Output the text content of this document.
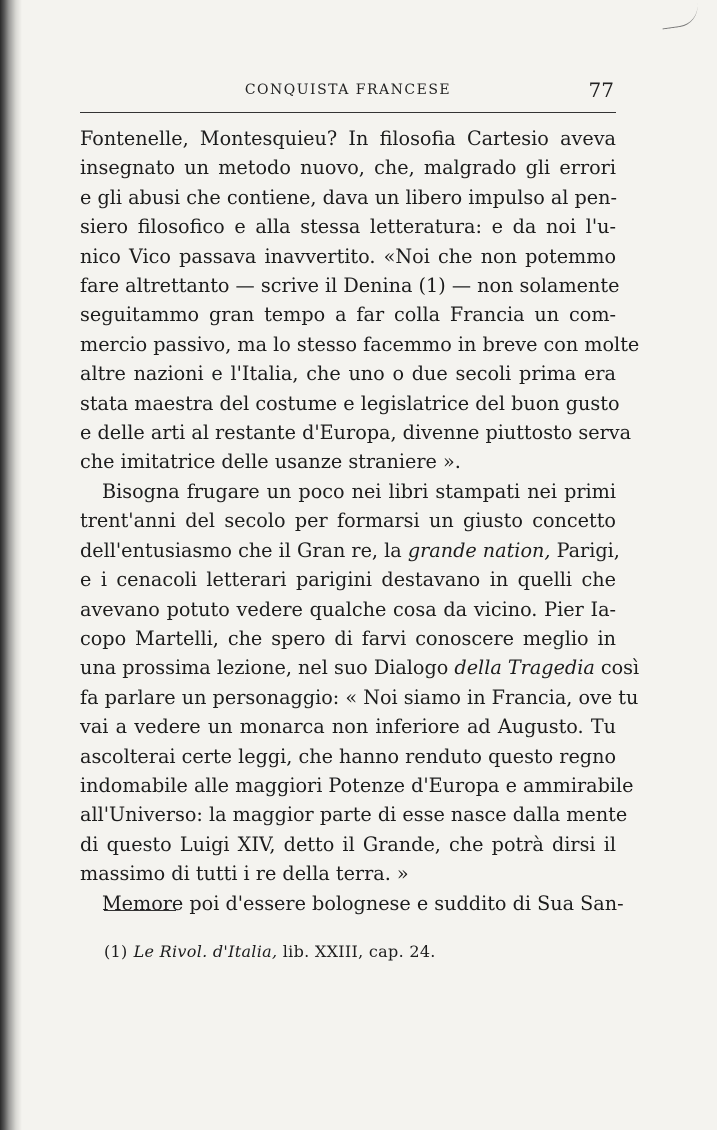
CONQUISTA FRANCESE	77
Fontenelle, Montesquieu? In filosofia Cartesio aveva
insegnato un metodo nuovo, che, malgrado gli errori
e gli abusi che contiene, dava un libero impulso al pen-
siero filosofico e alla stessa letteratura: e da noi l'u-
nico Vico passava inavvertito. «Noi che non potemmo
fare altrettanto — scrive il Denina (1) — non solamente
seguitammo gran tempo a far colla Francia un com-
mercio passivo, ma lo stesso facemmo in breve con molte
altre nazioni e l'Italia, che uno o due secoli prima era
stata maestra del costume e legislatrice del buon gusto
e delle arti al restante d'Europa, divenne piuttosto serva
che imitatrice delle usanze straniere ».
Bisogna frugare un poco nei libri stampati nei primi
trent'anni del secolo per formarsi un giusto concetto
dell'entusiasmo che il Gran re, la grande nation, Parigi,
e i cenacoli letterari parigini destavano in quelli che
avevano potuto vedere qualche cosa da vicino. Pier Ia-
copo Martelli, che spero di farvi conoscere meglio in
una prossima lezione, nel suo Dialogo della Tragedia così
fa parlare un personaggio: « Noi siamo in Francia, ove tu
vai a vedere un monarca non inferiore ad Augusto. Tu
ascolterai certe leggi, che hanno renduto questo regno
indomabile alle maggiori Potenze d'Europa e ammirabile
all'Universo: la maggior parte di esse nasce dalla mente
di questo Luigi XIV, detto il Grande, che potrà dirsi il
massimo di tutti i re della terra. »
Memore poi d'essere bolognese e suddito di Sua San-
(1) Le Rivol. d'Italia, lib. XXIII, cap. 24.
